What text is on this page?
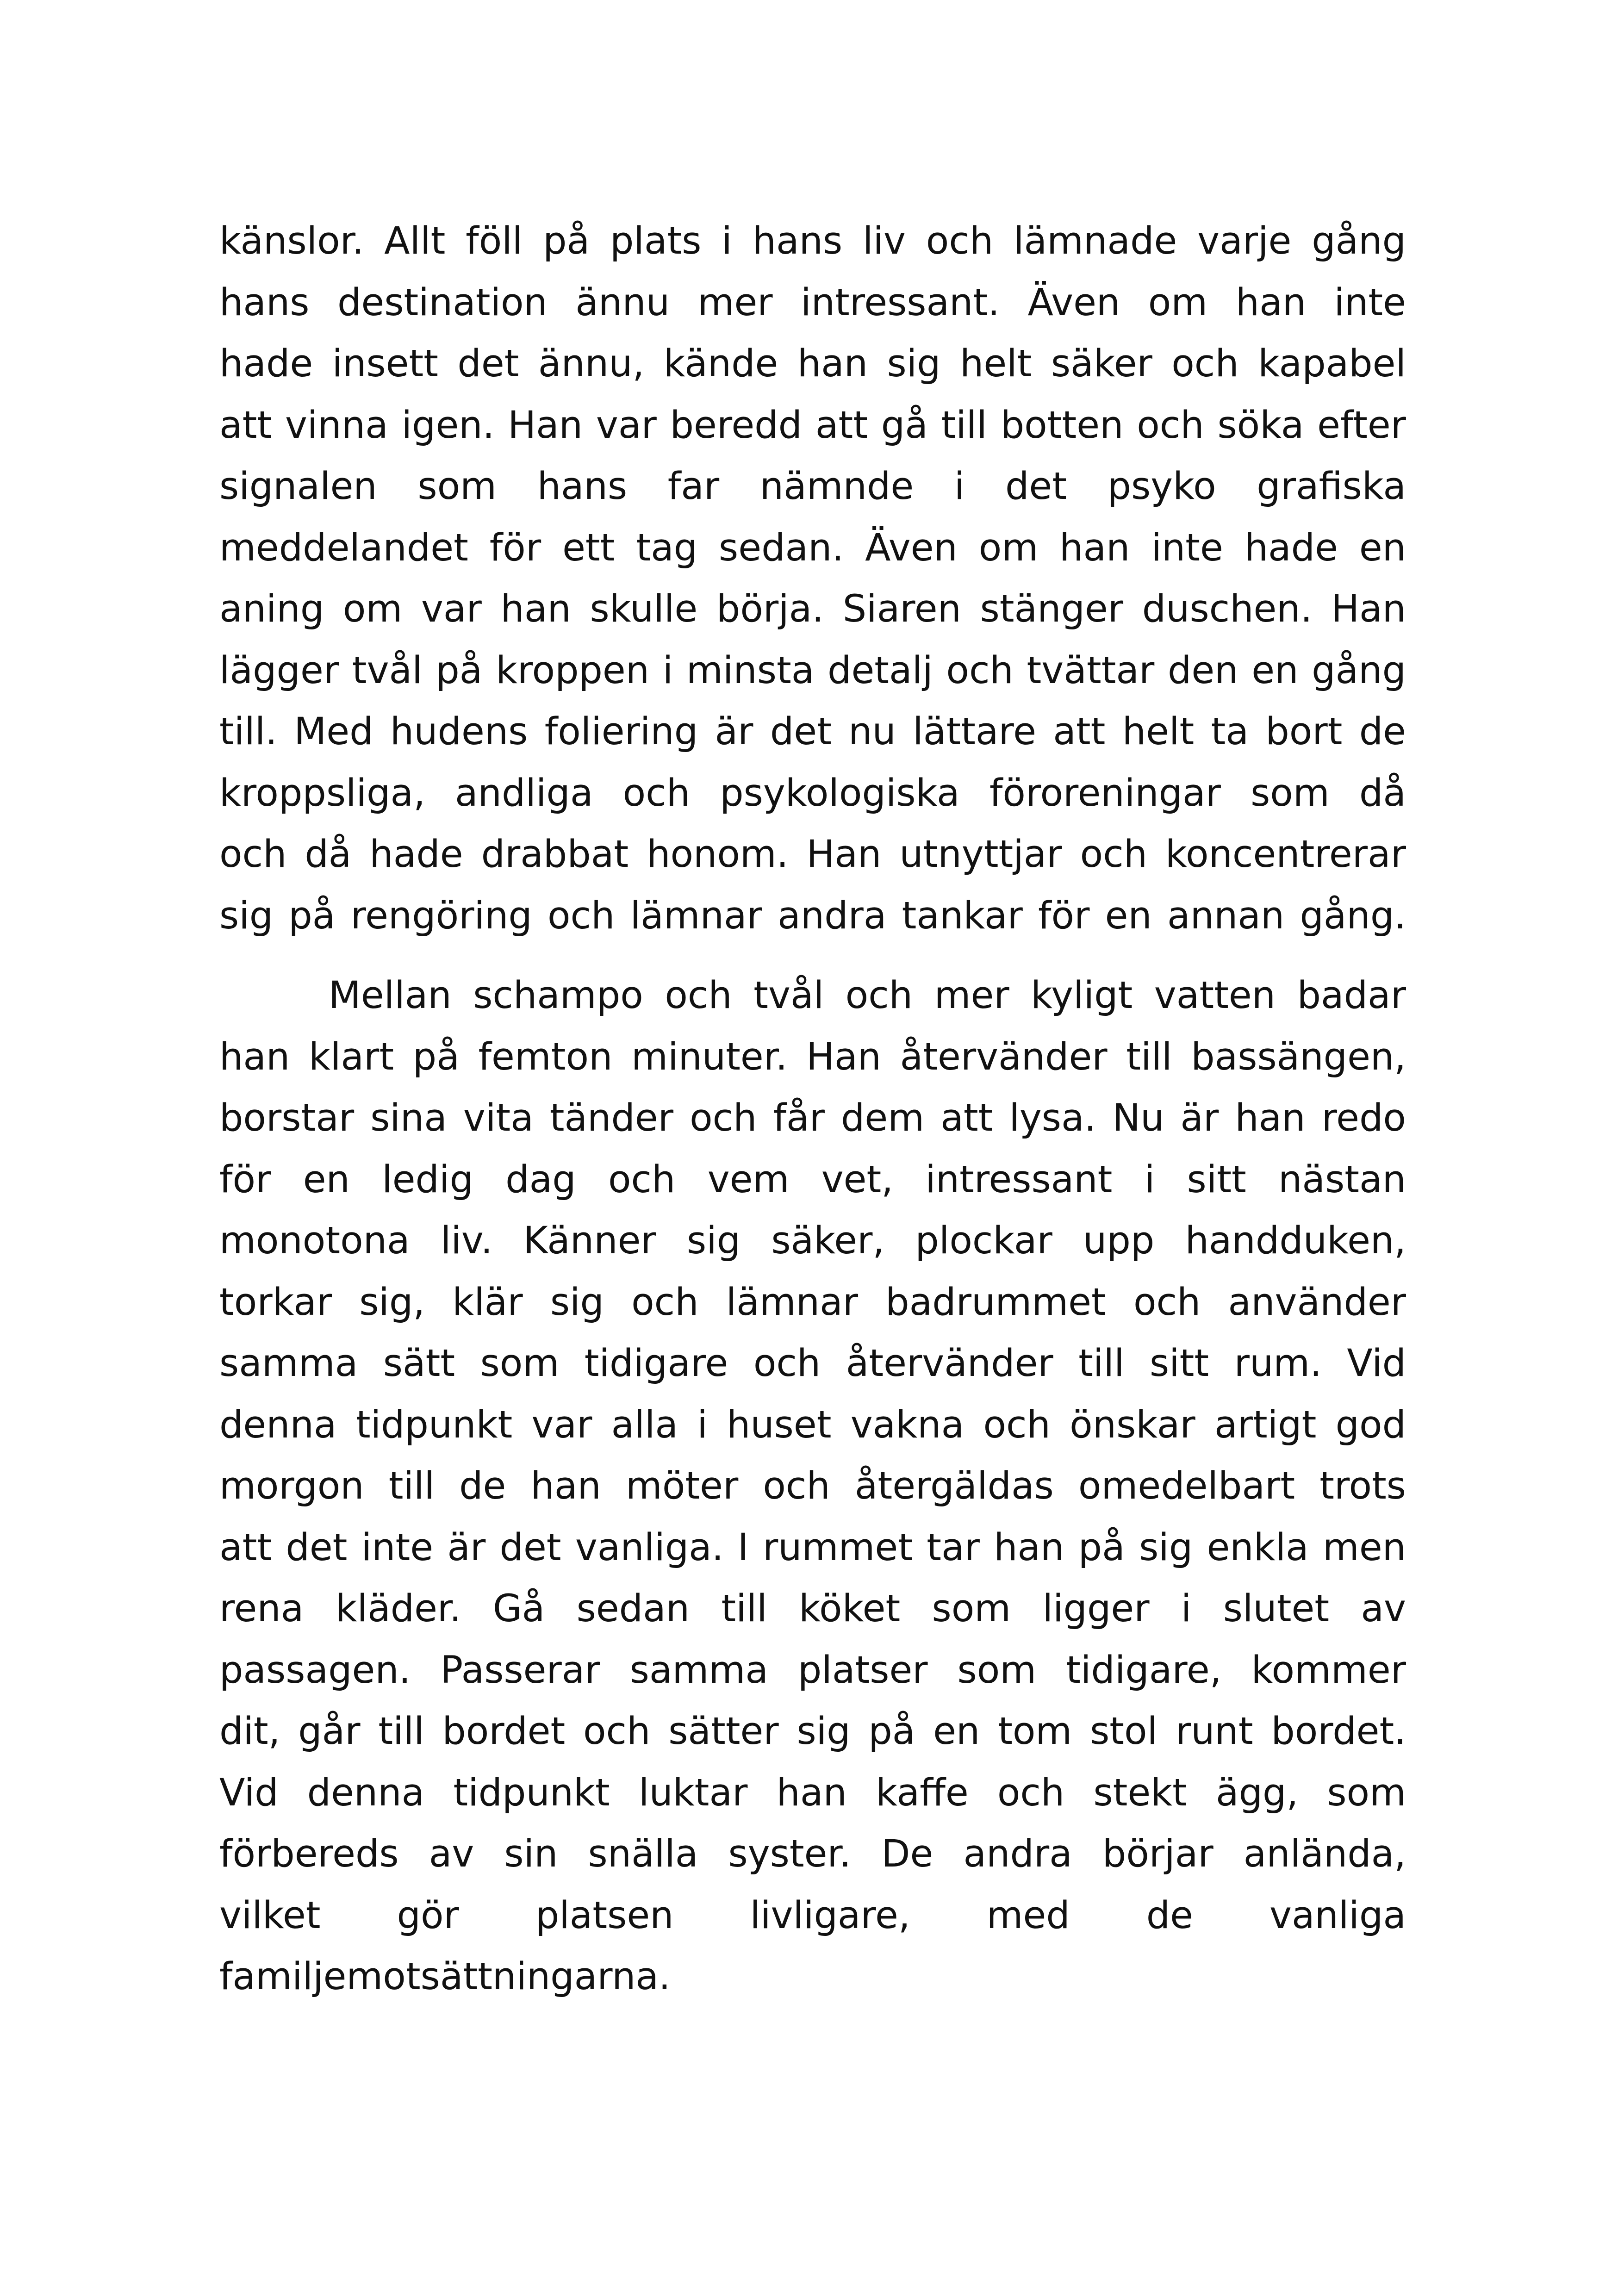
känslor. Allt föll på plats i hans liv och lämnade varje gång
hans destination ännu mer intressant. Även om han inte
hade insett det ännu, kände han sig helt säker och kapabel
att vinna igen. Han var beredd att gå till botten och söka efter
signalen som hans far nämnde i det psyko grafiska
meddelandet för ett tag sedan. Även om han inte hade en
aning om var han skulle börja. Siaren stänger duschen. Han
lägger tvål på kroppen i minsta detalj och tvättar den en gång
till. Med hudens foliering är det nu lättare att helt ta bort de
kroppsliga, andliga och psykologiska föroreningar som då
och då hade drabbat honom. Han utnyttjar och koncentrerar
sig på rengöring och lämnar andra tankar för en annan gång.
Mellan schampo och tvål och mer kyligt vatten badar
han klart på femton minuter. Han återvänder till bassängen,
borstar sina vita tänder och får dem att lysa. Nu är han redo
för en ledig dag och vem vet, intressant i sitt nästan
monotona liv. Känner sig säker, plockar upp handduken,
torkar sig, klär sig och lämnar badrummet och använder
samma sätt som tidigare och återvänder till sitt rum. Vid
denna tidpunkt var alla i huset vakna och önskar artigt god
morgon till de han möter och återgäldas omedelbart trots
att det inte är det vanliga. I rummet tar han på sig enkla men
rena kläder. Gå sedan till köket som ligger i slutet av
passagen. Passerar samma platser som tidigare, kommer
dit, går till bordet och sätter sig på en tom stol runt bordet.
Vid denna tidpunkt luktar han kaffe och stekt ägg, som
förbereds av sin snälla syster. De andra börjar anlända,
vilket gör platsen livligare, med de vanliga
familjemotsättningarna.
